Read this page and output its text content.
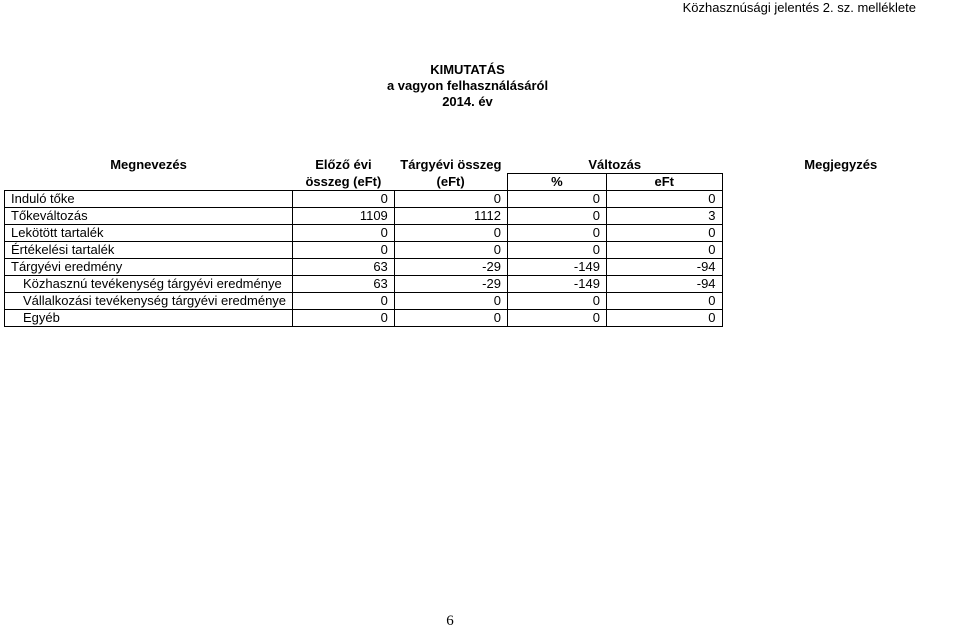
Közhasznúsági jelentés 2. sz. melléklete
KIMUTATÁS
a vagyon felhasználásáról
2014. év
Megnevezés	Előző évi	Tárgyévi összeg	Változás		Megjegyzés
	összeg (eFt)	(eFt)	%	eFt	
Induló tőke	0	0	0	0	
Tőkeváltozás	1109	1112	0	3	
Lekötött tartalék	0	0	0	0	
Értékelési tartalék	0	0	0	0	
Tárgyévi eredmény	63	-29	-149	-94	
Közhasznú tevékenység tárgyévi eredménye	63	-29	-149	-94	
Vállalkozási tevékenység tárgyévi eredménye	0	0	0	0	
Egyéb	0	0	0	0	
6
